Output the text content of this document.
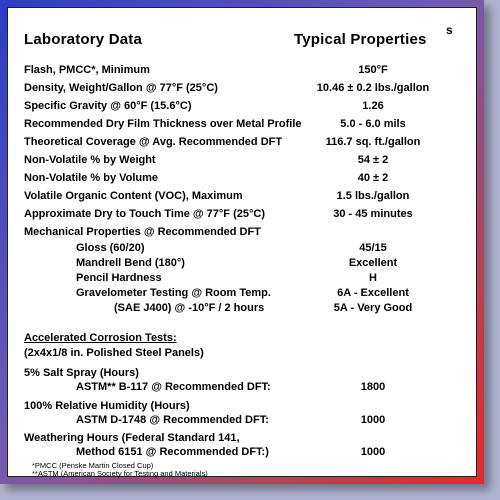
Laboratory Data	Typical Properties
s
Flash, PMCC*, Minimum	150°F
Density, Weight/Gallon @ 77°F (25°C)	10.46 ± 0.2 lbs./gallon
Specific Gravity @ 60°F (15.6°C)	1.26
Recommended Dry Film Thickness over Metal Profile	5.0 - 6.0 mils
Theoretical Coverage @ Avg. Recommended DFT	116.7 sq. ft./gallon
Non-Volatile % by Weight	54 ± 2
Non-Volatile % by Volume	40 ± 2
Volatile Organic Content (VOC), Maximum	1.5 lbs./gallon
Approximate Dry to Touch Time @ 77°F (25°C)	30 - 45 minutes
Mechanical Properties @ Recommended DFT
Gloss (60/20)	45/15
Mandrell Bend (180°)	Excellent
Pencil Hardness	H
Gravelometer Testing @ Room Temp.	6A - Excellent
(SAE J400) @ -10°F / 2 hours	5A - Very Good
Accelerated Corrosion Tests:
(2x4x1/8 in. Polished Steel Panels)
5% Salt Spray (Hours)
ASTM** B-117 @ Recommended DFT:	1800
100% Relative Humidity (Hours)
ASTM D-1748 @ Recommended DFT:	1000
Weathering Hours (Federal Standard 141,
Method 6151 @ Recommended DFT:)	1000
*PMCC (Penske Martin Closed Cup)
**ASTM (American Society for Testing and Materials)
